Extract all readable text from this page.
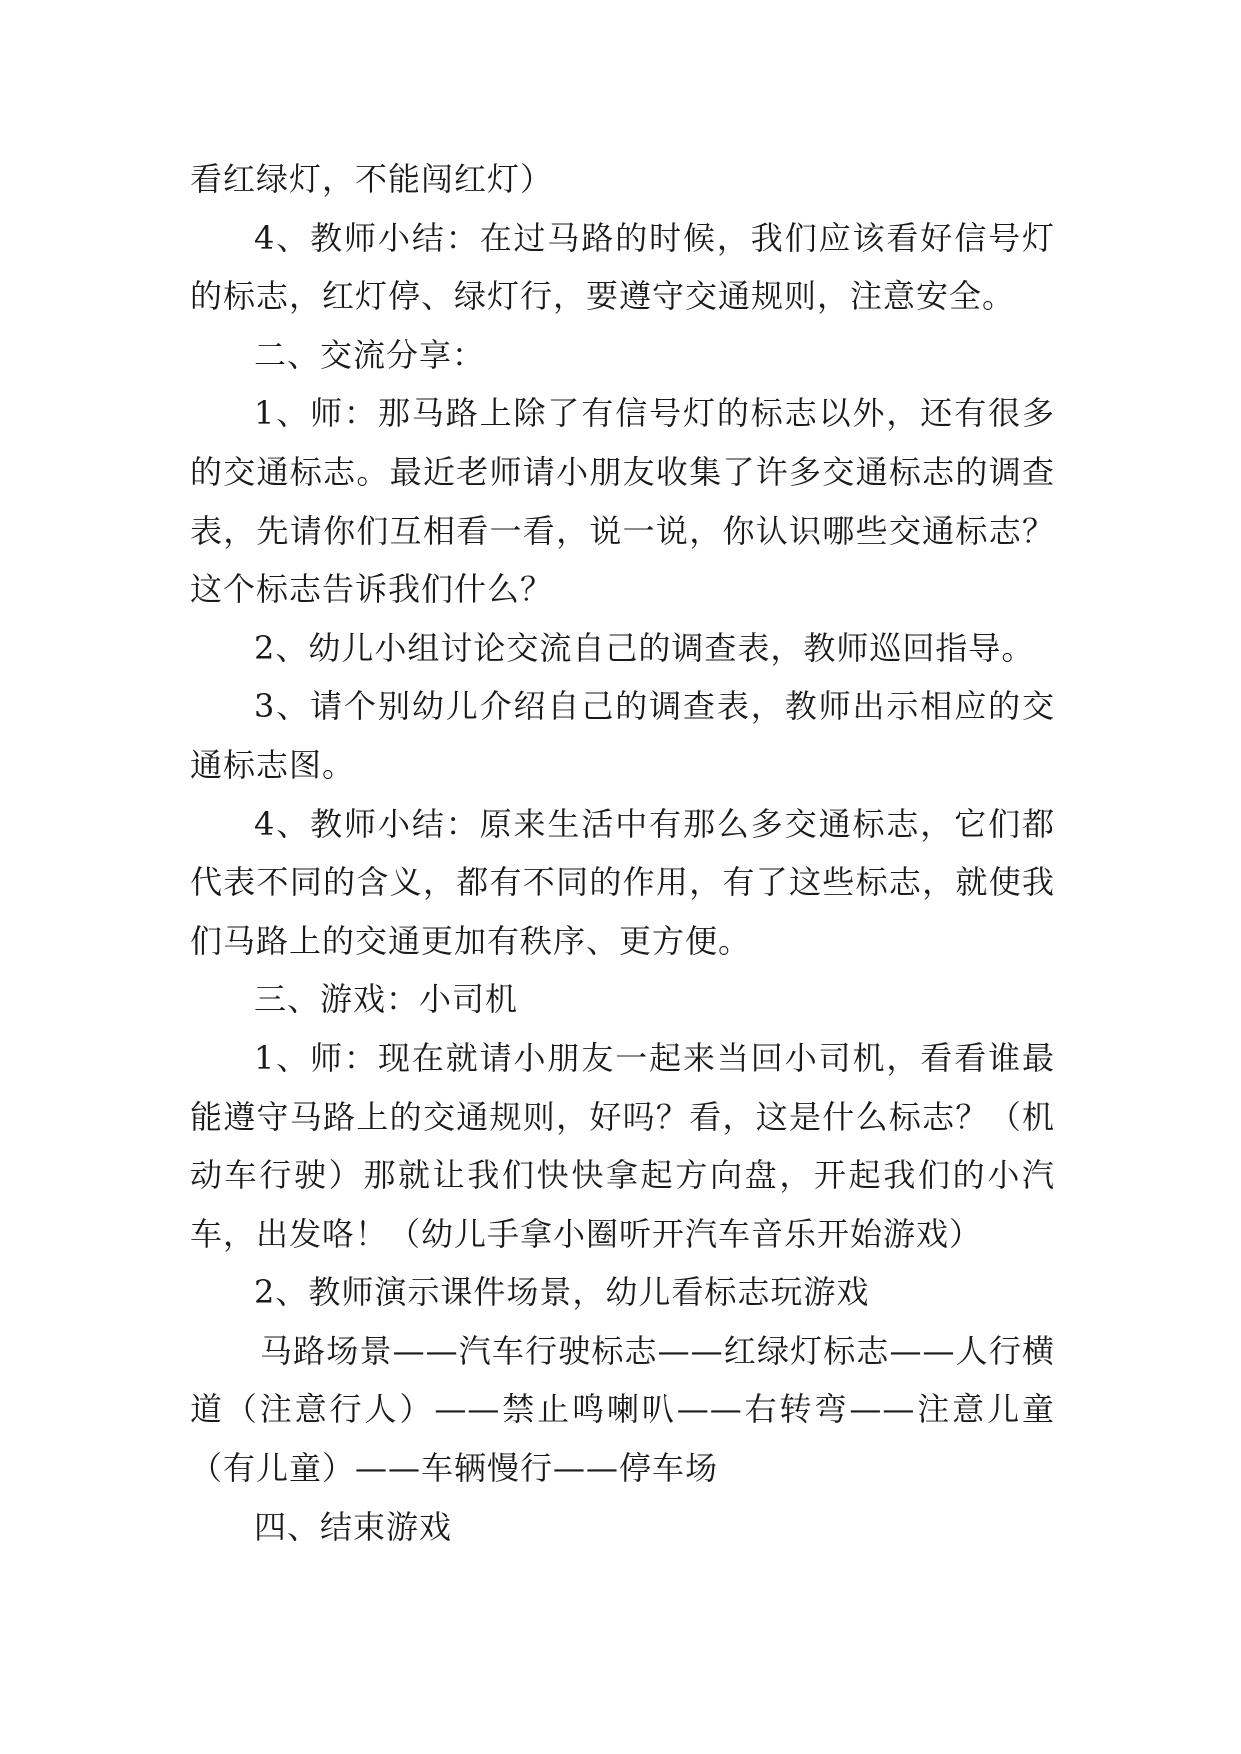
看红绿灯，不能闯红灯）

4、教师小结：在过马路的时候，我们应该看好信号灯的标志，红灯停、绿灯行，要遵守交通规则，注意安全。

二、交流分享：

1、师：那马路上除了有信号灯的标志以外，还有很多的交通标志。最近老师请小朋友收集了许多交通标志的调查表，先请你们互相看一看，说一说，你认识哪些交通标志？这个标志告诉我们什么？

2、幼儿小组讨论交流自己的调查表，教师巡回指导。

3、请个别幼儿介绍自己的调查表，教师出示相应的交通标志图。

4、教师小结：原来生活中有那么多交通标志，它们都代表不同的含义，都有不同的作用，有了这些标志，就使我们马路上的交通更加有秩序、更方便。

三、游戏：小司机

1、师：现在就请小朋友一起来当回小司机，看看谁最能遵守马路上的交通规则，好吗？看，这是什么标志？（机动车行驶）那就让我们快快拿起方向盘，开起我们的小汽车，出发咯！（幼儿手拿小圈听开汽车音乐开始游戏）

2、教师演示课件场景，幼儿看标志玩游戏

马路场景——汽车行驶标志——红绿灯标志——人行横道（注意行人）——禁止鸣喇叭——右转弯——注意儿童（有儿童）——车辆慢行——停车场

四、结束游戏
